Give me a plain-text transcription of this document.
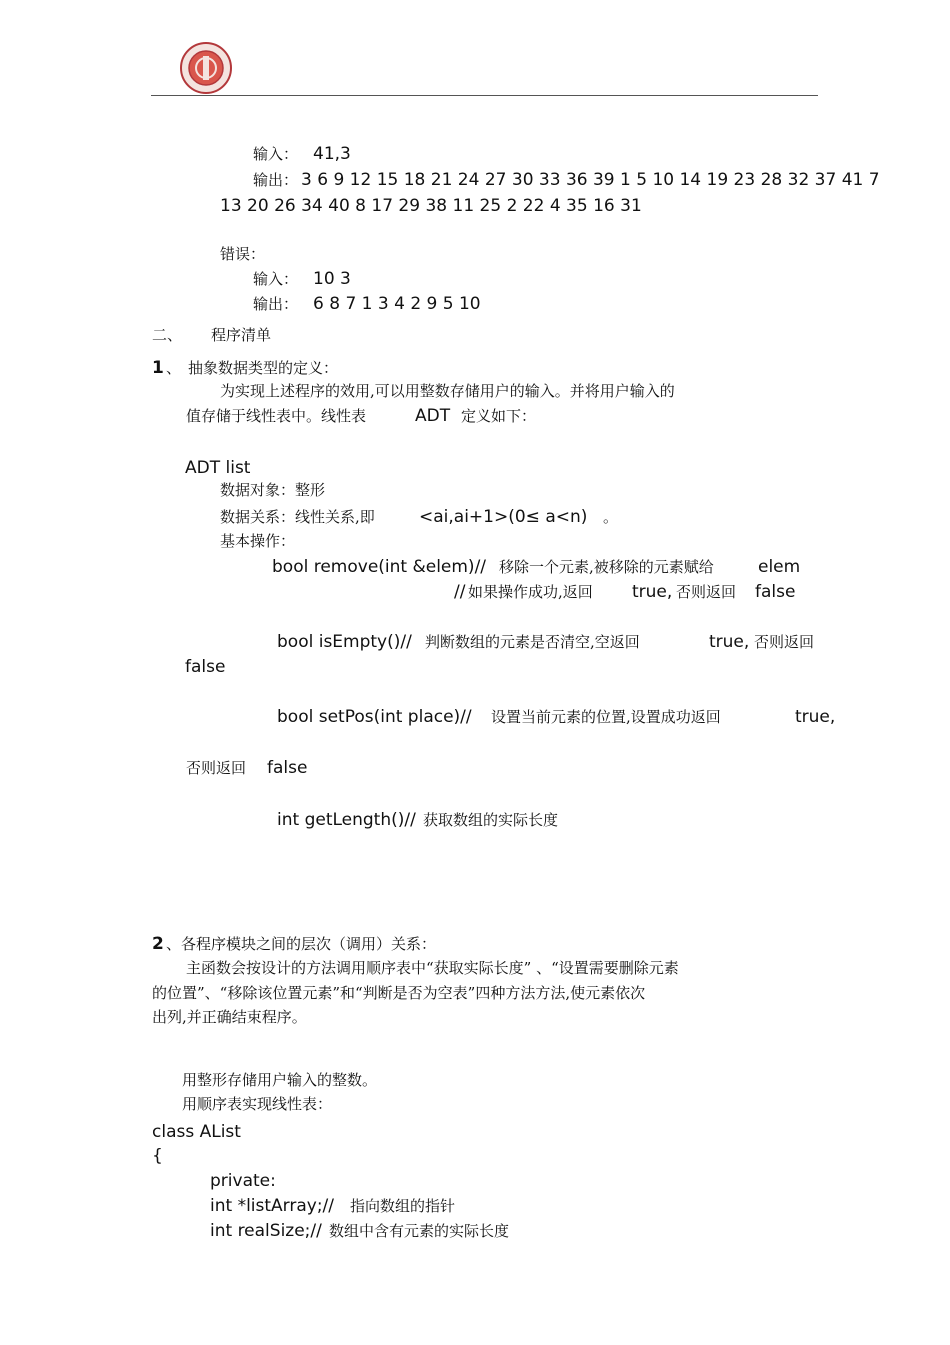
输入： 41,3
输出： 3 6 9 12 15 18 21 24 27 30 33 36 39 1 5 10 14 19 23 28 32 37 41 7
13 20 26 34 40 8 17 29 38 11 25 2 22 4 35 16 31
错误：
输入： 10 3
输出： 6 8 7 1 3 4 2 9 5 10
二、 程序清单
1 、 抽象数据类型的定义：
为实现上述程序的效用,可以用整数存储用户的输入。并将用户输入的
值存储于线性表中。线性表	ADT 定义如下：
ADT list
数据对象：整形
数据关系：线性关系,即	<ai,ai+1>(0≤ a<n) 。
基本操作：
bool remove(int &elem)// 移除一个元素,被移除的元素赋给	elem
// 如果操作成功,返回 true, 否则返回 false
bool isEmpty()// 判断数组的元素是否清空,空返回	true, 否则返回
false
bool setPos(int place)// 设置当前元素的位置,设置成功返回	true,
否则返回 false
int getLength()// 获取数组的实际长度
2 、各程序模块之间的层次（调用）关系：
主函数会按设计的方法调用顺序表中“获取实际长度” 、“设置需要删除元素
的位置”、“移除该位置元素”和“判断是否为空表”四种方法方法,使元素依次
出列,并正确结束程序。
用整形存储用户输入的整数。
用顺序表实现线性表：
class AList
{
private:
int *listArray;// 指向数组的指针
int realSize;// 数组中含有元素的实际长度
